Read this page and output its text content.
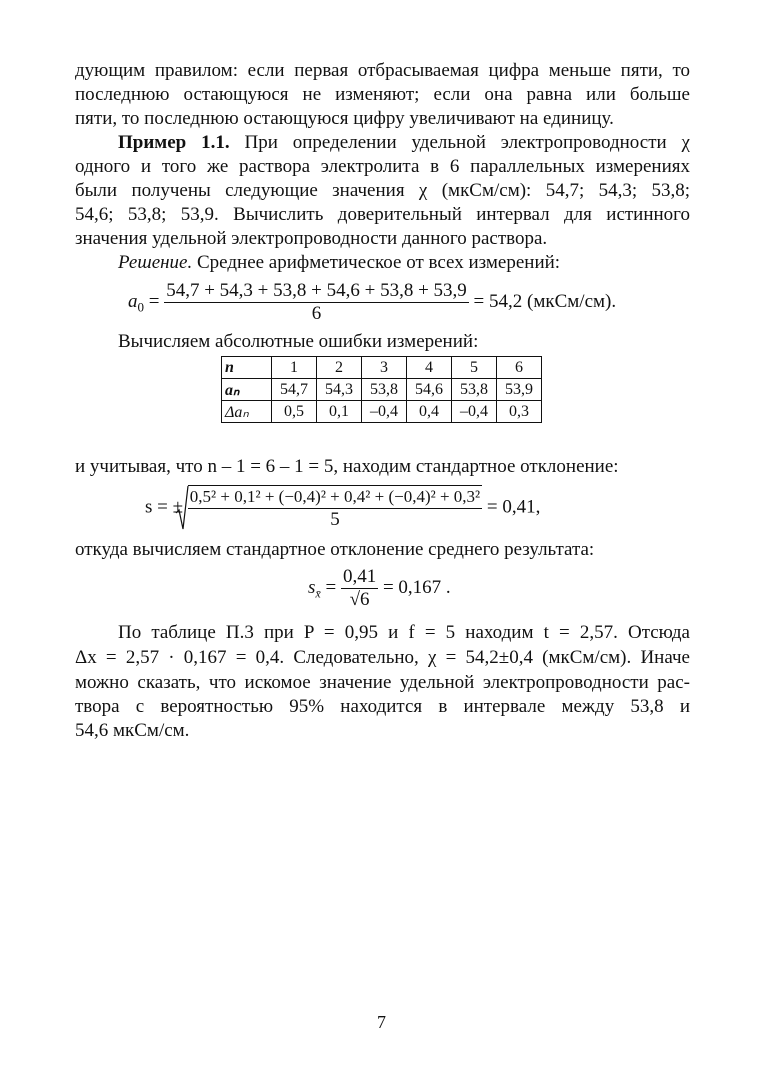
дующим правилом: если первая отбрасываемая цифра меньше пяти, то
последнюю остающуюся не изменяют; если она равна или больше
пяти, то последнюю остающуюся цифру увеличивают на единицу.
Пример 1.1. При определении удельной электропроводности χ
одного и того же раствора электролита в 6 параллельных измерениях
были получены следующие значения χ (мкСм/см): 54,7; 54,3; 53,8;
54,6; 53,8; 53,9. Вычислить доверительный интервал для истинного
значения удельной электропроводности данного раствора.
Решение. Среднее арифметическое от всех измерений:
$a_0 = \frac{54,7 + 54,3 + 53,8 + 54,6 + 53,8 + 53,9}{6} = 54,2$ (мкСм/см).
Вычисляем абсолютные ошибки измерений:
n	1	2	3	4	5	6
aₙ	54,7	54,3	53,8	54,6	53,8	53,9
Δaₙ	0,5	0,1	–0,4	0,4	–0,4	0,3
и учитывая, что n – 1 = 6 – 1 = 5, находим стандартное отклонение:
s = ± $\frac{\text{0,5² + 0,1² + (−0,4)² + 0,4² + (−0,4)² + 0,3²}}{5} = 0,41$,
откуда вычисляем стандартное отклонение среднего результата:
$s_{x̄} = \frac{0,41}{√6} = 0,167$ .
По таблице П.3 при P = 0,95 и f = 5 находим t = 2,57. Отсюда
Δx = 2,57 · 0,167 = 0,4. Следовательно, χ = 54,2±0,4 (мкСм/см). Иначе
можно сказать, что искомое значение удельной электропроводности рас-
твора с вероятностью 95% находится в интервале между 53,8 и
54,6 мкСм/см.
7
